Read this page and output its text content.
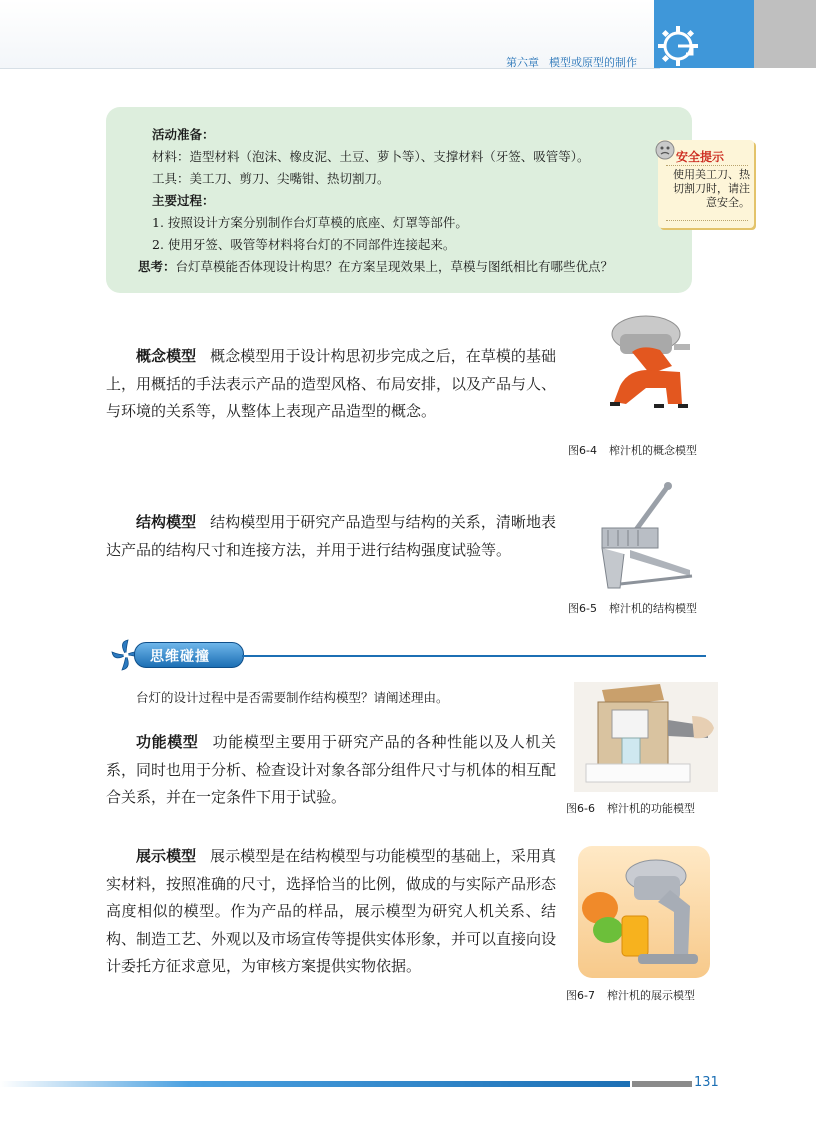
第六章 模型或原型的制作
活动准备：
材料：造型材料（泡沫、橡皮泥、土豆、萝卜等）、支撑材料（牙签、吸管等）。
工具：美工刀、剪刀、尖嘴钳、热切割刀。
主要过程：
1. 按照设计方案分别制作台灯草模的底座、灯罩等部件。
2. 使用牙签、吸管等材料将台灯的不同部件连接起来。
思考：台灯草模能否体现设计构思？在方案呈现效果上，草模与图纸相比有哪些优点？
安全提示
使用美工刀、热切割刀时，请注意安全。
概念模型 概念模型用于设计构思初步完成之后，在草模的基础上，用概括的手法表示产品的造型风格、布局安排，以及产品与人、与环境的关系等，从整体上表现产品造型的概念。
图6-4 榨汁机的概念模型
结构模型 结构模型用于研究产品造型与结构的关系，清晰地表达产品的结构尺寸和连接方法，并用于进行结构强度试验等。
图6-5 榨汁机的结构模型
思维碰撞
台灯的设计过程中是否需要制作结构模型？请阐述理由。
功能模型 功能模型主要用于研究产品的各种性能以及人机关系，同时也用于分析、检查设计对象各部分组件尺寸与机体的相互配合关系，并在一定条件下用于试验。
图6-6 榨汁机的功能模型
展示模型 展示模型是在结构模型与功能模型的基础上，采用真实材料，按照准确的尺寸，选择恰当的比例，做成的与实际产品形态高度相似的模型。作为产品的样品，展示模型为研究人机关系、结构、制造工艺、外观以及市场宣传等提供实体形象，并可以直接向设计委托方征求意见，为审核方案提供实物依据。
图6-7 榨汁机的展示模型
131
